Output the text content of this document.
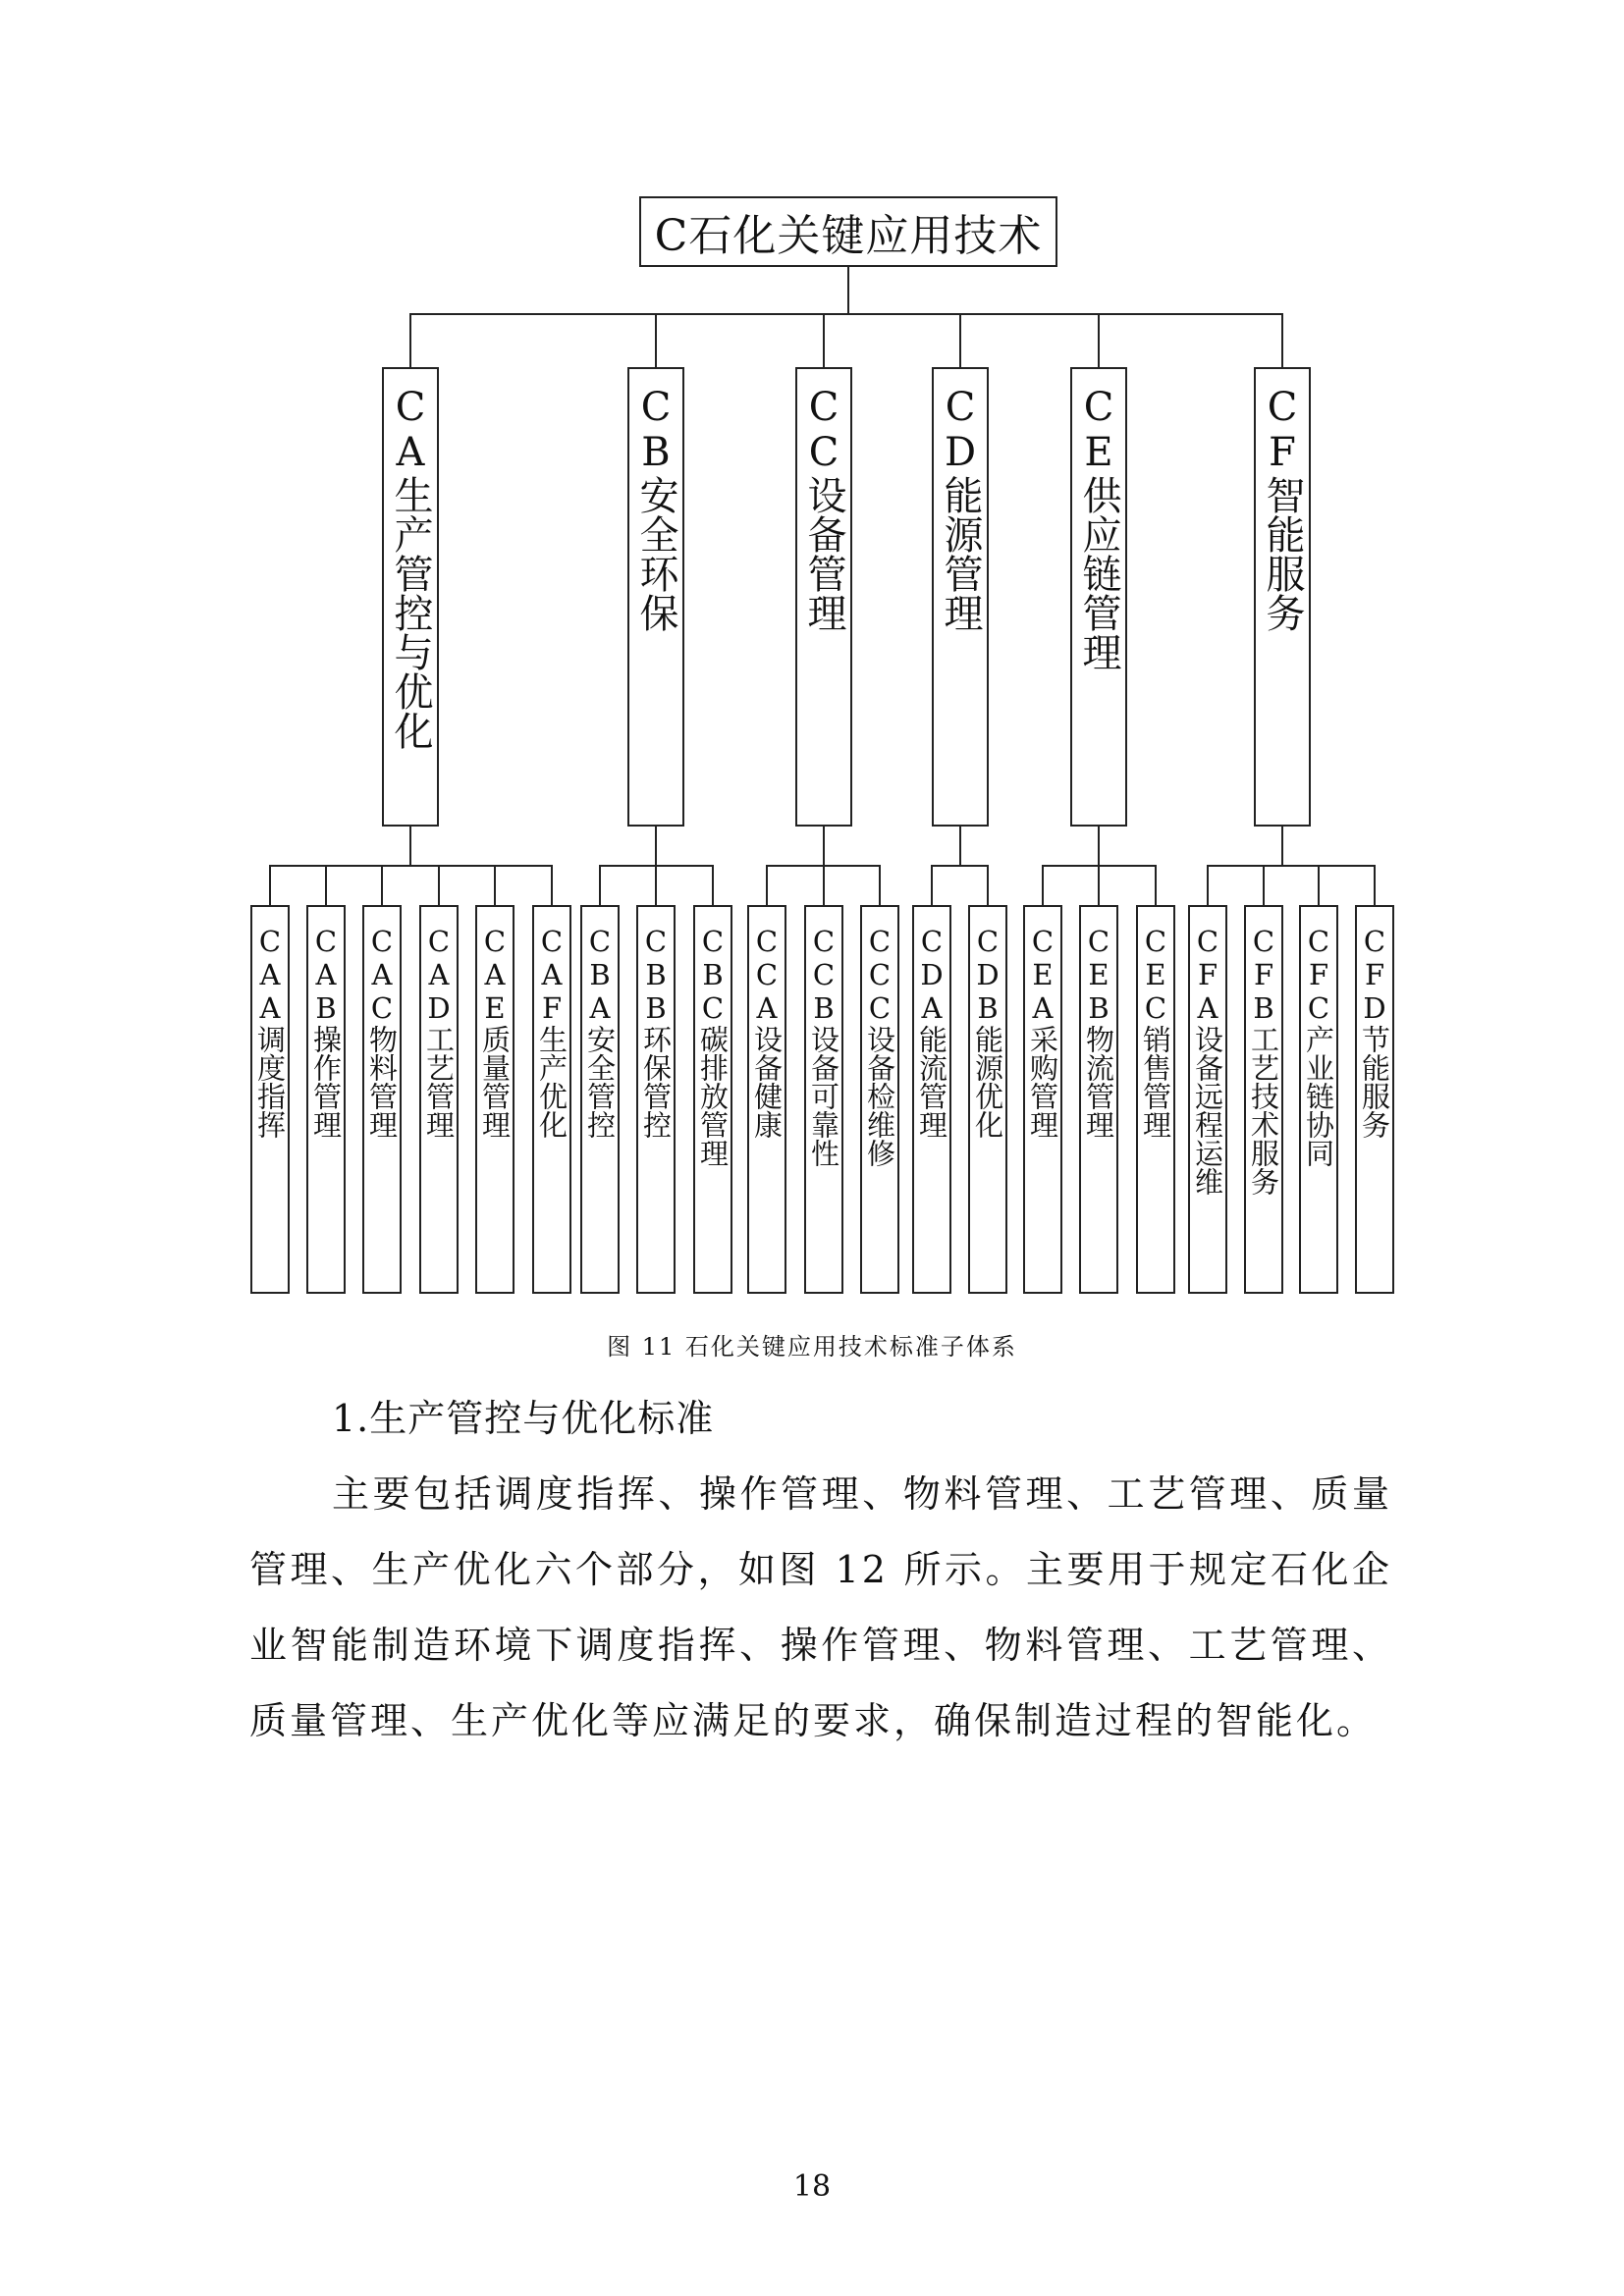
C石化关键应用技术
CA生产管控与优化	CB安全环保	CC设备管理 CD能源管理 CE供应链管理	CF智能服务
CAA调度指挥 CAB操作管理 CAC物料管理 CAD工艺管理 CAE质量管理 CAF生产优化 CBA安全管控 CBB环保管控 CBC碳排放管理 CCA设备健康 CCB设备可靠性 CCC设备检维修 CDA能流管理 CDB能源优化 CEA采购管理 CEB物流管理 CEC销售管理 CFA设备远程运维 CFB工艺技术服务 CFC产业链协同 CFD节能服务
图 11 石化关键应用技术标准子体系
1.生产管控与优化标准
主要包括调度指挥、操作管理、物料管理、工艺管理、质量管理、生产优化六个部分，如图 12 所示。主要用于规定石化企业智能制造环境下调度指挥、操作管理、物料管理、工艺管理、质量管理、生产优化等应满足的要求，确保制造过程的智能化。
18
